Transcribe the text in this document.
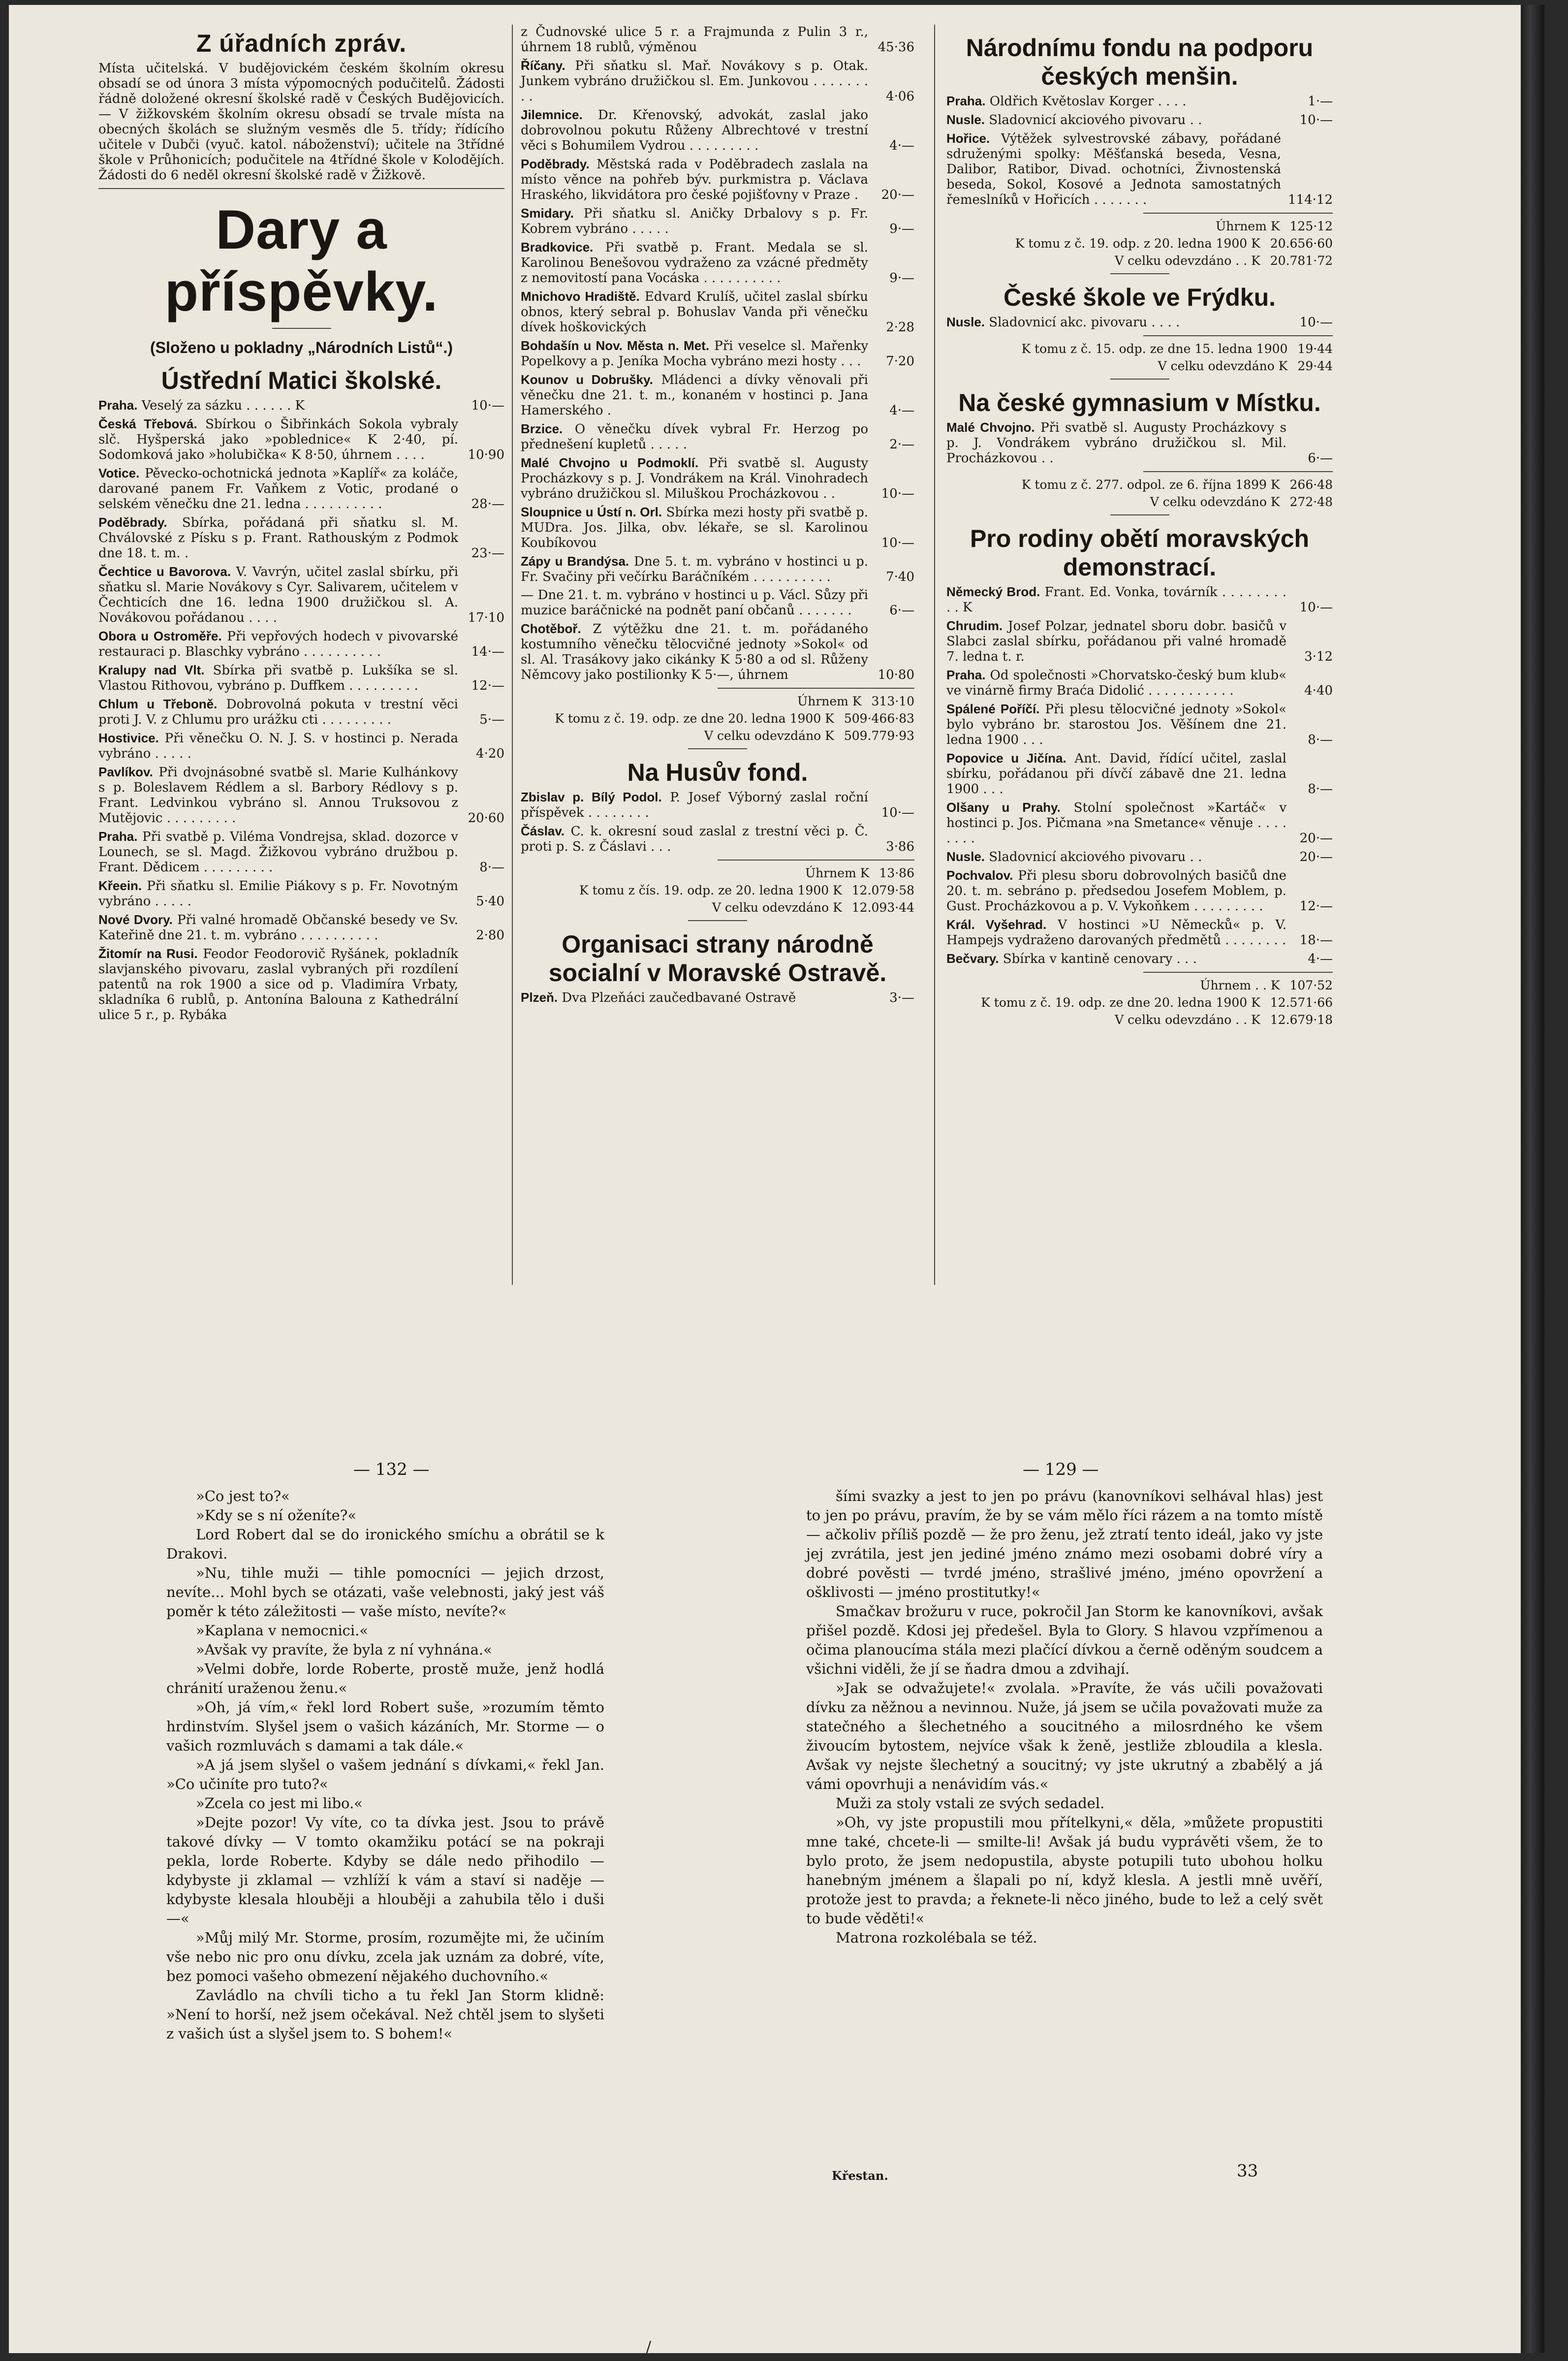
Z úřadních zpráv.

Místa učitelská. V budějovickém českém školním okresu obsadí se od února 3 místa výpomocných podučitelů. Žádosti řádně doložené okresní školské radě v Českých Budějovicích. — V žižkovském školním okresu obsadí se trvale místa na obecných školách se služným vesměs dle 5. třídy; řídícího učitele v Dubči (vyuč. katol. náboženství); učitele na 3třídné škole v Průhonicích; podučitele na 4třídné škole v Kolodějích. Žádosti do 6 neděl okresní školské radě v Žižkově.

Dary a příspěvky.
(Složeno u pokladny „Národních Listů“.)
Ústřední Matici školské.
Praha. Veselý za sázku . . . . . . K	10·—
Česká Třebová. Sbírkou o Šibřinkách Sokola vybraly slč. Hyšperská jako »poblednice« K 2·40, pí. Sodomková jako »holubička« K 8·50, úhrnem . . . .	10·90
Votice. Pěvecko-ochotnická jednota »Kaplíř« za koláče, darované panem Fr. Vaňkem z Votic, prodané o selském věnečku dne 21. ledna . . . . . . . . . .	28·—
Poděbrady. Sbírka, pořádaná při sňatku sl. M. Chválovské z Písku s p. Frant. Rathouským z Podmok dne 18. t. m. .	23·—
Čechtice u Bavorova. V. Vavrýn, učitel zaslal sbírku, při sňatku sl. Marie Novákovy s Cyr. Salivarem, učitelem v Čechticích dne 16. ledna 1900 družičkou sl. A. Novákovou pořádanou . . . .	17·10
Obora u Ostroměře. Při vepřových hodech v pivovarské restauraci p. Blaschky vybráno . . . . . . . . . .	14·—
Kralupy nad Vlt. Sbírka při svatbě p. Lukšíka se sl. Vlastou Rithovou, vybráno p. Duffkem . . . . . . . . .	12·—
Chlum u Třeboně. Dobrovolná pokuta v trestní věci proti J. V. z Chlumu pro urážku cti . . . . . . . . .	5·—
Hostivice. Při věnečku O. N. J. S. v hostinci p. Nerada vybráno . . . . .	4·20
Pavlíkov. Při dvojnásobné svatbě sl. Marie Kulhánkovy s p. Boleslavem Rédlem a sl. Barbory Rédlovy s p. Frant. Ledvinkou vybráno sl. Annou Truksovou z Mutějovic . . . . . . . . .	20·60
Praha. Při svatbě p. Viléma Vondrejsa, sklad. dozorce v Lounech, se sl. Magd. Žižkovou vybráno družbou p. Frant. Dědicem . . . . . . . . .	8·—
Křeein. Při sňatku sl. Emilie Piákovy s p. Fr. Novotným vybráno . . . . .	5·40
Nové Dvory. Při valné hromadě Občanské besedy ve Sv. Kateřině dne 21. t. m. vybráno . . . . . . . . . .	2·80
Žitomír na Rusi. Feodor Feodorovič Ryšánek, pokladník slavjanského pivovaru, zaslal vybraných při rozdílení patentů na rok 1900 a sice od p. Vladimíra Vrbaty, skladníka 6 rublů, p. Antonína Balouna z Kathedrální ulice 5 r., p. Rybáka
z Čudnovské ulice 5 r. a Frajmunda z Pulin 3 r., úhrnem 18 rublů, výměnou	45·36
Říčany. Při sňatku sl. Mař. Novákovy s p. Otak. Junkem vybráno družičkou sl. Em. Junkovou . . . . . . . . .	4·06
Jilemnice. Dr. Křenovský, advokát, zaslal jako dobrovolnou pokutu Růženy Albrechtové v trestní věci s Bohumilem Vydrou . . . . . . . . .	4·—
Poděbrady. Městská rada v Poděbradech zaslala na místo věnce na pohřeb býv. purkmistra p. Václava Hraského, likvidátora pro české pojišťovny v Praze .	20·—
Smidary. Při sňatku sl. Aničky Drbalovy s p. Fr. Kobrem vybráno . . . . .	9·—
Bradkovice. Při svatbě p. Frant. Medala se sl. Karolinou Benešovou vydraženo za vzácné předměty z nemovitostí pana Vocáska . . . . . . . . . .	9·—
Mnichovo Hradiště. Edvard Krulíš, učitel zaslal sbírku obnos, který sebral p. Bohuslav Vanda při věnečku dívek hoškovických	2·28
Bohdašín u Nov. Města n. Met. Při veselce sl. Mařenky Popelkovy a p. Jeníka Mocha vybráno mezi hosty . . .	7·20
Kounov u Dobrušky. Mládenci a dívky věnovali při věnečku dne 21. t. m., konaném v hostinci p. Jana Hamerského .	4·—
Brzice. O věnečku dívek vybral Fr. Herzog po přednešení kupletů . . . . .	2·—
Malé Chvojno u Podmoklí. Při svatbě sl. Augusty Procházkovy s p. J. Vondrákem na Král. Vinohradech vybráno družičkou sl. Miluškou Procházkovou . .	10·—
Sloupnice u Ústí n. Orl. Sbírka mezi hosty při svatbě p. MUDra. Jos. Jilka, obv. lékaře, se sl. Karolinou Koubíkovou	10·—
Zápy u Brandýsa. Dne 5. t. m. vybráno v hostinci u p. Fr. Svačiny při večírku Baráčníkém . . . . . . . . . .	7·40
— Dne 21. t. m. vybráno v hostinci u p. Václ. Sůzy při muzice baráčnické na podnět paní občanů . . . . . . .	6·—
Chotěboř. Z výtěžku dne 21. t. m. pořádaného kostumního věnečku tělocvičné jednoty »Sokol« od sl. Al. Trasákovy jako cikánky K 5·80 a od sl. Růženy Němcovy jako postilionky K 5·—, úhrnem	10·80
Úhrnem K 313·10
K tomu z č. 19. odp. ze dne 20. ledna 1900 K 509·466·83
V celku odevzdáno K 509.779·93
Na Husův fond.
Zbislav p. Bílý Podol. P. Josef Výborný zaslal roční příspěvek . . . . . . . .	10·—
Čáslav. C. k. okresní soud zaslal z trestní věci p. Č. proti p. S. z Čáslavi . . .	3·86
Úhrnem K 13·86
K tomu z čís. 19. odp. ze 20. ledna 1900 K 12.079·58
V celku odevzdáno K 12.093·44
Organisaci strany národně socialní v Moravské Ostravě.
Plzeň. Dva Plzeňáci zaučedbavané Ostravě	3·—
Národnímu fondu na podporu českých menšin.
Praha. Oldřich Květoslav Korger . . . .	1·—
Nusle. Sladovnicí akciového pivovaru . .	10·—
Hořice. Výtěžek sylvestrovské zábavy, pořádané sdruženými spolky: Měšťanská beseda, Vesna, Dalibor, Ratibor, Divad. ochotníci, Živnostenská beseda, Sokol, Kosové a Jednota samostatných řemeslníků v Hořicích . . . . . . .	114·12
Úhrnem K 125·12
K tomu z č. 19. odp. z 20. ledna 1900 K 20.656·60
V celku odevzdáno . . K 20.781·72
České škole ve Frýdku.
Nusle. Sladovnicí akc. pivovaru . . . .	10·—
K tomu z č. 15. odp. ze dne 15. ledna 1900 19·44
V celku odevzdáno K 29·44
Na české gymnasium v Místku.
Malé Chvojno. Při svatbě sl. Augusty Procházkovy s p. J. Vondrákem vybráno družičkou sl. Mil. Procházkovou . .	6·—
K tomu z č. 277. odpol. ze 6. října 1899 K 266·48
V celku odevzdáno K 272·48
Pro rodiny obětí moravských demonstrací.
Německý Brod. Frant. Ed. Vonka, továrník . . . . . . . . . . K	10·—
Chrudim. Josef Polzar, jednatel sboru dobr. basičů v Slabci zaslal sbírku, pořádanou při valné hromadě 7. ledna t. r.	3·12
Praha. Od společnosti »Chorvatsko-český bum klub« ve vinárně firmy Braća Didolić . . . . . . . . . . .	4·40
Spálené Poříčí. Při plesu tělocvičné jednoty »Sokol« bylo vybráno br. starostou Jos. Věšínem dne 21. ledna 1900 . . .	8·—
Popovice u Jičína. Ant. David, řídící učitel, zaslal sbírku, pořádanou při dívčí zábavě dne 21. ledna 1900 . . .	8·—
Olšany u Prahy. Stolní společnost »Kartáč« v hostinci p. Jos. Pičmana »na Smetance« věnuje . . . . . . . .	20·—
Nusle. Sladovnicí akciového pivovaru . .	20·—
Pochvalov. Při plesu sboru dobrovolných basičů dne 20. t. m. sebráno p. předsedou Josefem Moblem, p. Gust. Procházkovou a p. V. Vykoňkem . . . . . . . . .	12·—
Král. Vyšehrad. V hostinci »U Německů« p. V. Hampejs vydraženo darovaných předmětů . . . . . . . .	18·—
Bečvary. Sbírka v kantině cenovary . . .	4·—
Úhrnem . . K 107·52
K tomu z č. 19. odp. ze dne 20. ledna 1900 K 12.571·66
V celku odevzdáno . . K 12.679·18
— 132 —	— 129 —

»Co jest to?«

»Kdy se s ní oženíte?«

Lord Robert dal se do ironického smíchu a obrátil se k Drakovi.

»Nu, tihle muži — tihle pomocníci — jejich drzost, nevíte... Mohl bych se otázati, vaše velebnosti, jaký jest váš poměr k této záležitosti — vaše místo, nevíte?«

»Kaplana v nemocnici.«

»Avšak vy pravíte, že byla z ní vyhnána.«

»Velmi dobře, lorde Roberte, prostě muže, jenž hodlá chránití uraženou ženu.«

»Oh, já vím,« řekl lord Robert suše, »rozumím těmto hrdinstvím. Slyšel jsem o vašich kázáních, Mr. Storme — o vašich rozmluvách s damami a tak dále.«

»A já jsem slyšel o vašem jednání s dívkami,« řekl Jan. »Co učiníte pro tuto?«

»Zcela co jest mi libo.«

»Dejte pozor! Vy víte, co ta dívka jest. Jsou to právě takové dívky — V tomto okamžiku potácí se na pokraji pekla, lorde Roberte. Kdyby se dále nedo přihodilo — kdybyste ji zklamal — vzhlíží k vám a staví si naděje — kdybyste klesala hlouběji a hlouběji a zahubila tělo i duši —«

»Můj milý Mr. Storme, prosím, rozumějte mi, že učiním vše nebo nic pro onu dívku, zcela jak uznám za dobré, víte, bez pomoci vašeho obmezení nějakého duchovního.«

Zavládlo na chvíli ticho a tu řekl Jan Storm klidně: »Není to horší, než jsem očekával. Než chtěl jsem to slyšeti z vašich úst a slyšel jsem to. S bohem!«

šími svazky a jest to jen po právu (kanovníkovi selhával hlas) jest to jen po právu, pravím, že by se vám mělo říci rázem a na tomto místě — ačkoliv příliš pozdě — že pro ženu, jež ztratí tento ideál, jako vy jste jej zvrátila, jest jen jediné jméno známo mezi osobami dobré víry a dobré pověsti — tvrdé jméno, strašlivé jméno, jméno opovržení a ošklivosti — jméno prostitutky!«

Smačkav brožuru v ruce, pokročil Jan Storm ke kanovníkovi, avšak přišel pozdě. Kdosi jej předešel. Byla to Glory. S hlavou vzpřímenou a očima planoucíma stála mezi plačící dívkou a černě oděným soudcem a všichni viděli, že jí se ňadra dmou a zdvihají.

»Jak se odvažujete!« zvolala. »Pravíte, že vás učili považovati dívku za něžnou a nevinnou. Nuže, já jsem se učila považovati muže za statečného a šlechetného a soucitného a milosrdného ke všem živoucím bytostem, nejvíce však k ženě, jestliže zbloudila a klesla. Avšak vy nejste šlechetný a soucitný; vy jste ukrutný a zbabělý a já vámi opovrhuji a nenávidím vás.«

Muži za stoly vstali ze svých sedadel.

»Oh, vy jste propustili mou přítelkyni,« děla, »můžete propustiti mne také, chcete-li — smilte-li! Avšak já budu vyprávěti všem, že to bylo proto, že jsem nedopustila, abyste potupili tuto ubohou holku hanebným jménem a šlapali po ní, když klesla. A jestli mně uvěří, protože jest to pravda; a řeknete-li něco jiného, bude to lež a celý svět to bude věděti!«

Matrona rozkolébala se též.

Křestan.	33
/
